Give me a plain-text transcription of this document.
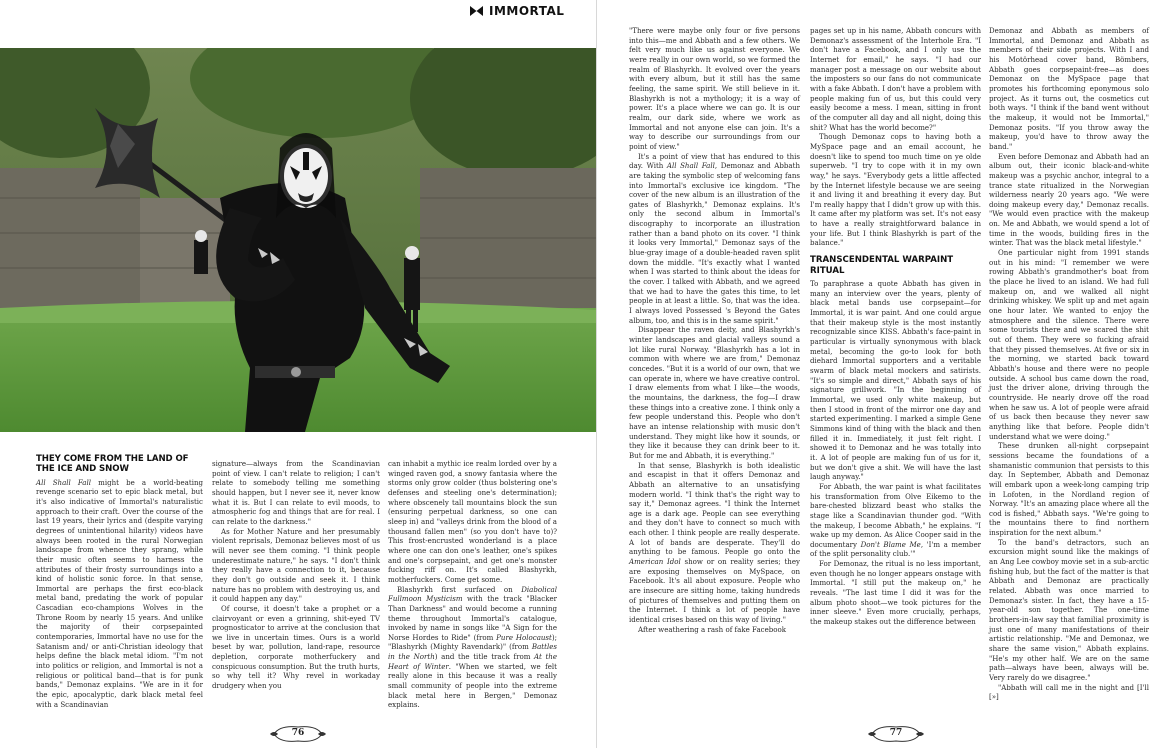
IMMORTAL
THEY COME FROM THE LAND OF THE ICE AND SNOW

All Shall Fall might be a world-beating revenge scenario set to epic black metal, but it's also indicative of Immortal's naturalistic approach to their craft. Over the course of the last 19 years, their lyrics and (despite varying degrees of unintentional hilarity) videos have always been rooted in the rural Norwegian landscape from whence they sprang, while their music often seems to harness the attributes of their frosty surroundings into a kind of holistic sonic force. In that sense, Immortal are perhaps the first eco-black metal band, predating the work of popular Cascadian eco-champions Wolves in the Throne Room by nearly 15 years. And unlike the majority of their corpsepainted contemporaries, Immortal have no use for the Satanism and/ or anti-Christian ideology that helps define the black metal idiom. "I'm not into politics or religion, and Immortal is not a religious or political band—that is for punk bands," Demonaz explains. "We are in it for the epic, apocalyptic, dark black metal feel with a Scandinavian

signature—always from the Scandinavian point of view. I can't relate to religion; I can't relate to somebody telling me something should happen, but I never see it, never know what it is. But I can relate to evil moods, to atmospheric fog and things that are for real. I can relate to the darkness."

As for Mother Nature and her presumably violent reprisals, Demonaz believes most of us will never see them coming. "I think people underestimate nature," he says. "I don't think they really have a connection to it, because they don't go outside and seek it. I think nature has no problem with destroying us, and it could happen any day."

Of course, it doesn't take a prophet or a clairvoyant or even a grinning, shit-eyed TV prognosticator to arrive at the conclusion that we live in uncertain times. Ours is a world beset by war, pollution, land-rape, resource depletion, corporate motherfuckery and conspicuous consumption. But the truth hurts, so why tell it? Why revel in workaday drudgery when you

can inhabit a mythic ice realm lorded over by a winged raven god, a snowy fantasia where the storms only grow colder (thus bolstering one's defenses and steeling one's determination); where obscenely tall mountains block the sun (ensuring perpetual darkness, so one can sleep in) and "valleys drink from the blood of a thousand fallen men" (so you don't have to)? This frost-encrusted wonderland is a place where one can don one's leather, one's spikes and one's corpsepaint, and get one's monster fucking riff on. It's called Blashyrkh, motherfuckers. Come get some.

Blashyrkh first surfaced on Diabolical Fullmoon Mysticism with the track "Blacker Than Darkness" and would become a running theme throughout Immortal's catalogue, invoked by name in songs like "A Sign for the Norse Hordes to Ride" (from Pure Holocaust); "Blashyrkh (Mighty Ravendark)" (from Battles in the North) and the title track from At the Heart of Winter. "When we started, we felt really alone in this because it was a really small community of people into the extreme black metal here in Bergen," Demonaz explains.

"There were maybe only four or five persons into this—me and Abbath and a few others. We felt very much like us against everyone. We were really in our own world, so we formed the realm of Blashyrkh. It evolved over the years with every album, but it still has the same feeling, the same spirit. We still believe in it. Blashyrkh is not a mythology; it is a way of power. It's a place where we can go. It is our realm, our dark side, where we work as Immortal and not anyone else can join. It's a way to describe our surroundings from our point of view."

It's a point of view that has endured to this day. With All Shall Fall, Demonaz and Abbath are taking the symbolic step of welcoming fans into Immortal's exclusive ice kingdom. "The cover of the new album is an illustration of the gates of Blashyrkh," Demonaz explains. It's only the second album in Immortal's discography to incorporate an illustration rather than a band photo on its cover. "I think it looks very Immortal," Demonaz says of the blue-gray image of a double-headed raven split down the middle. "It's exactly what I wanted when I was started to think about the ideas for the cover. I talked with Abbath, and we agreed that we had to have the gates this time, to let people in at least a little. So, that was the idea. I always loved Possessed 's Beyond the Gates album, too, and this is in the same spirit."

Disappear the raven deity, and Blashyrkh's winter landscapes and glacial valleys sound a lot like rural Norway. "Blashyrkh has a lot in common with where we are from," Demonaz concedes. "But it is a world of our own, that we can operate in, where we have creative control. I draw elements from what I like—the woods, the mountains, the darkness, the fog—I draw these things into a creative zone. I think only a few people understand this. People who don't have an intense relationship with music don't understand. They might like how it sounds, or they like it because they can drink beer to it. But for me and Abbath, it is everything."

In that sense, Blashyrkh is both idealistic and escapist in that it offers Demonaz and Abbath an alternative to an unsatisfying modern world. "I think that's the right way to say it," Demonaz agrees. "I think the Internet age is a dark age. People can see everything and they don't have to connect so much with each other. I think people are really desperate. A lot of bands are desperate. They'll do anything to be famous. People go onto the American Idol show or on reality series; they are exposing themselves on MySpace, on Facebook. It's all about exposure. People who are insecure are sitting home, taking hundreds of pictures of themselves and putting them on the Internet. I think a lot of people have identical crises based on this way of living."

After weathering a rash of fake Facebook

pages set up in his name, Abbath concurs with Demonaz's assessment of the Interhole Era. "I don't have a Facebook, and I only use the Internet for email," he says. "I had our manager post a message on our website about the imposters so our fans do not communicate with a fake Abbath. I don't have a problem with people making fun of us, but this could very easily become a mess. I mean, sitting in front of the computer all day and all night, doing this shit? What has the world become?"

Though Demonaz cops to having both a MySpace page and an email account, he doesn't like to spend too much time on ye olde superweb. "I try to cope with it in my own way," he says. "Everybody gets a little affected by the Internet lifestyle because we are seeing it and living it and breathing it every day. But I'm really happy that I didn't grow up with this. It came after my platform was set. It's not easy to have a really straightforward balance in your life. But I think Blashyrkh is part of the balance."

TRANSCENDENTAL WARPAINT RITUAL

To paraphrase a quote Abbath has given in many an interview over the years, plenty of black metal bands use corpsepaint—for Immortal, it is war paint. And one could argue that their makeup style is the most instantly recognizable since KISS. Abbath's face-paint in particular is virtually synonymous with black metal, becoming the go-to look for both diehard Immortal supporters and a veritable swarm of black metal mockers and satirists. "It's so simple and direct," Abbath says of his signature grillwork. "In the beginning of Immortal, we used only white makeup, but then I stood in front of the mirror one day and started experimenting. I marked a simple Gene Simmons kind of thing with the black and then filled it in. Immediately, it just felt right. I showed it to Demonaz and he was totally into it. A lot of people are making fun of us for it, but we don't give a shit. We will have the last laugh anyway."

For Abbath, the war paint is what facilitates his transformation from Olve Eikemo to the bare-chested blizzard beast who stalks the stage like a Scandinavian thunder god. "With the makeup, I become Abbath," he explains. "I wake up my demon. As Alice Cooper said in the documentary Don't Blame Me, 'I'm a member of the split personality club.'"

For Demonaz, the ritual is no less important, even though he no longer appears onstage with Immortal. "I still put the makeup on," he reveals. "The last time I did it was for the album photo shoot—we took pictures for the inner sleeve." Even more crucially, perhaps, the makeup stakes out the difference between

Demonaz and Abbath as members of Immortal, and Demonaz and Abbath as members of their side projects. With I and his Motörhead cover band, Bömbers, Abbath goes corpsepaint-free—as does Demonaz on the MySpace page that promotes his forthcoming eponymous solo project. As it turns out, the cosmetics cut both ways. "I think if the band went without the makeup, it would not be Immortal," Demonaz posits. "If you throw away the makeup, you'd have to throw away the band."

Even before Demonaz and Abbath had an album out, their iconic black-and-white makeup was a psychic anchor, integral to a trance state ritualized in the Norwegian wilderness nearly 20 years ago. "We were doing makeup every day," Demonaz recalls. "We would even practice with the makeup on. Me and Abbath, we would spend a lot of time in the woods, building fires in the winter. That was the black metal lifestyle."

One particular night from 1991 stands out in his mind: "I remember we were rowing Abbath's grandmother's boat from the place he lived to an island. We had full makeup on, and we walked all night drinking whiskey. We split up and met again one hour later. We wanted to enjoy the atmosphere and the silence. There were some tourists there and we scared the shit out of them. They were so fucking afraid that they pissed themselves. At five or six in the morning, we started back toward Abbath's house and there were no people outside. A school bus came down the road, just the driver alone, driving through the countryside. He nearly drove off the road when he saw us. A lot of people were afraid of us back then because they never saw anything like that before. People didn't understand what we were doing."

These drunken all-night corpsepaint sessions became the foundations of a shamanistic communion that persists to this day. In September, Abbath and Demonaz will embark upon a week-long camping trip in Lofoten, in the Nordland region of Norway. "It's an amazing place where all the cod is fished," Abbath says. "We're going to the mountains there to find northern inspiration for the next album."

To the band's detractors, such an excursion might sound like the makings of an Ang Lee cowboy movie set in a sub-arctic fishing hub, but the fact of the matter is that Abbath and Demonaz are practically related. Abbath was once married to Demonaz's sister. In fact, they have a 15-year-old son together. The one-time brothers-in-law say that familial proximity is just one of many manifestations of their artistic relationship. "Me and Demonaz, we share the same vision," Abbath explains. "He's my other half. We are on the same path—always have been, always will be. Very rarely do we disagree."

"Abbath will call me in the night and [I'll [»]

76	77
